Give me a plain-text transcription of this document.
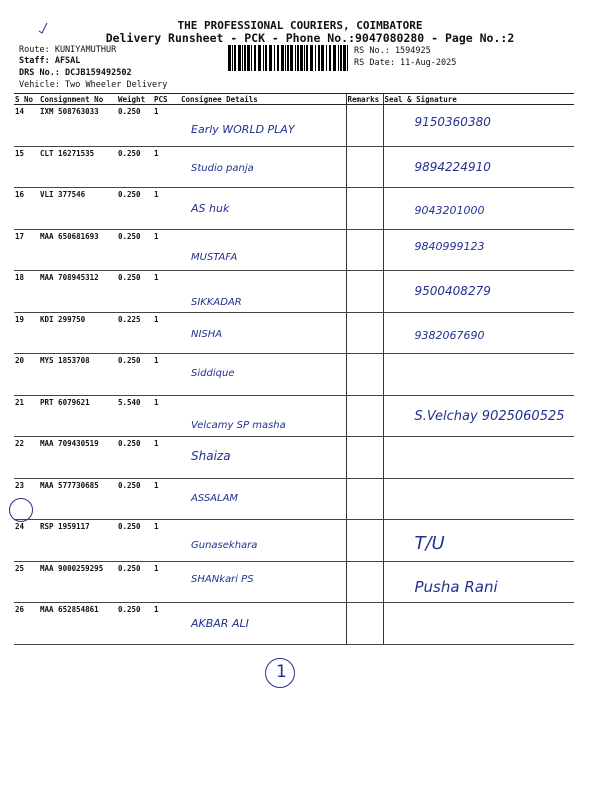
THE PROFESSIONAL COURIERS, COIMBATORE
Delivery Runsheet - PCK - Phone No.:9047080280 - Page No.:2
Route: KUNIYAMUTHUR
Staff: AFSAL
DRS No.: DCJB159492502
Vehicle: Two Wheeler Delivery
RS No.: 1594925
RS Date: 11-Aug-2025
S No	Consignment No	Weight	PCS	Consignee Details	Remarks	Seal & Signature
14	IXM 508763033	0.250	1	Early WORLD PLAY		9150360380
15	CLT 16271535	0.250	1	Studio panja		9894224910
16	VLI 377546	0.250	1	AS huk		9043201000
17	MAA 650681693	0.250	1	MUSTAFA		9840999123
18	MAA 708945312	0.250	1	SIKKADAR		9500408279
19	KDI 299750	0.225	1	NISHA		9382067690
20	MYS 1853708	0.250	1	Siddique		
21	PRT 6079621	5.540	1	Velcamy SP masha		S.Velchay 9025060525
22	MAA 709430519	0.250	1	Shaiza		
23	MAA 577730685	0.250	1	ASSALAM		
24	RSP 1959117	0.250	1	Gunasekhara		T/U
25	MAA 9000259295	0.250	1	SHANkari PS		Pusha Rani
26	MAA 652854861	0.250	1	AKBAR ALI		
1
